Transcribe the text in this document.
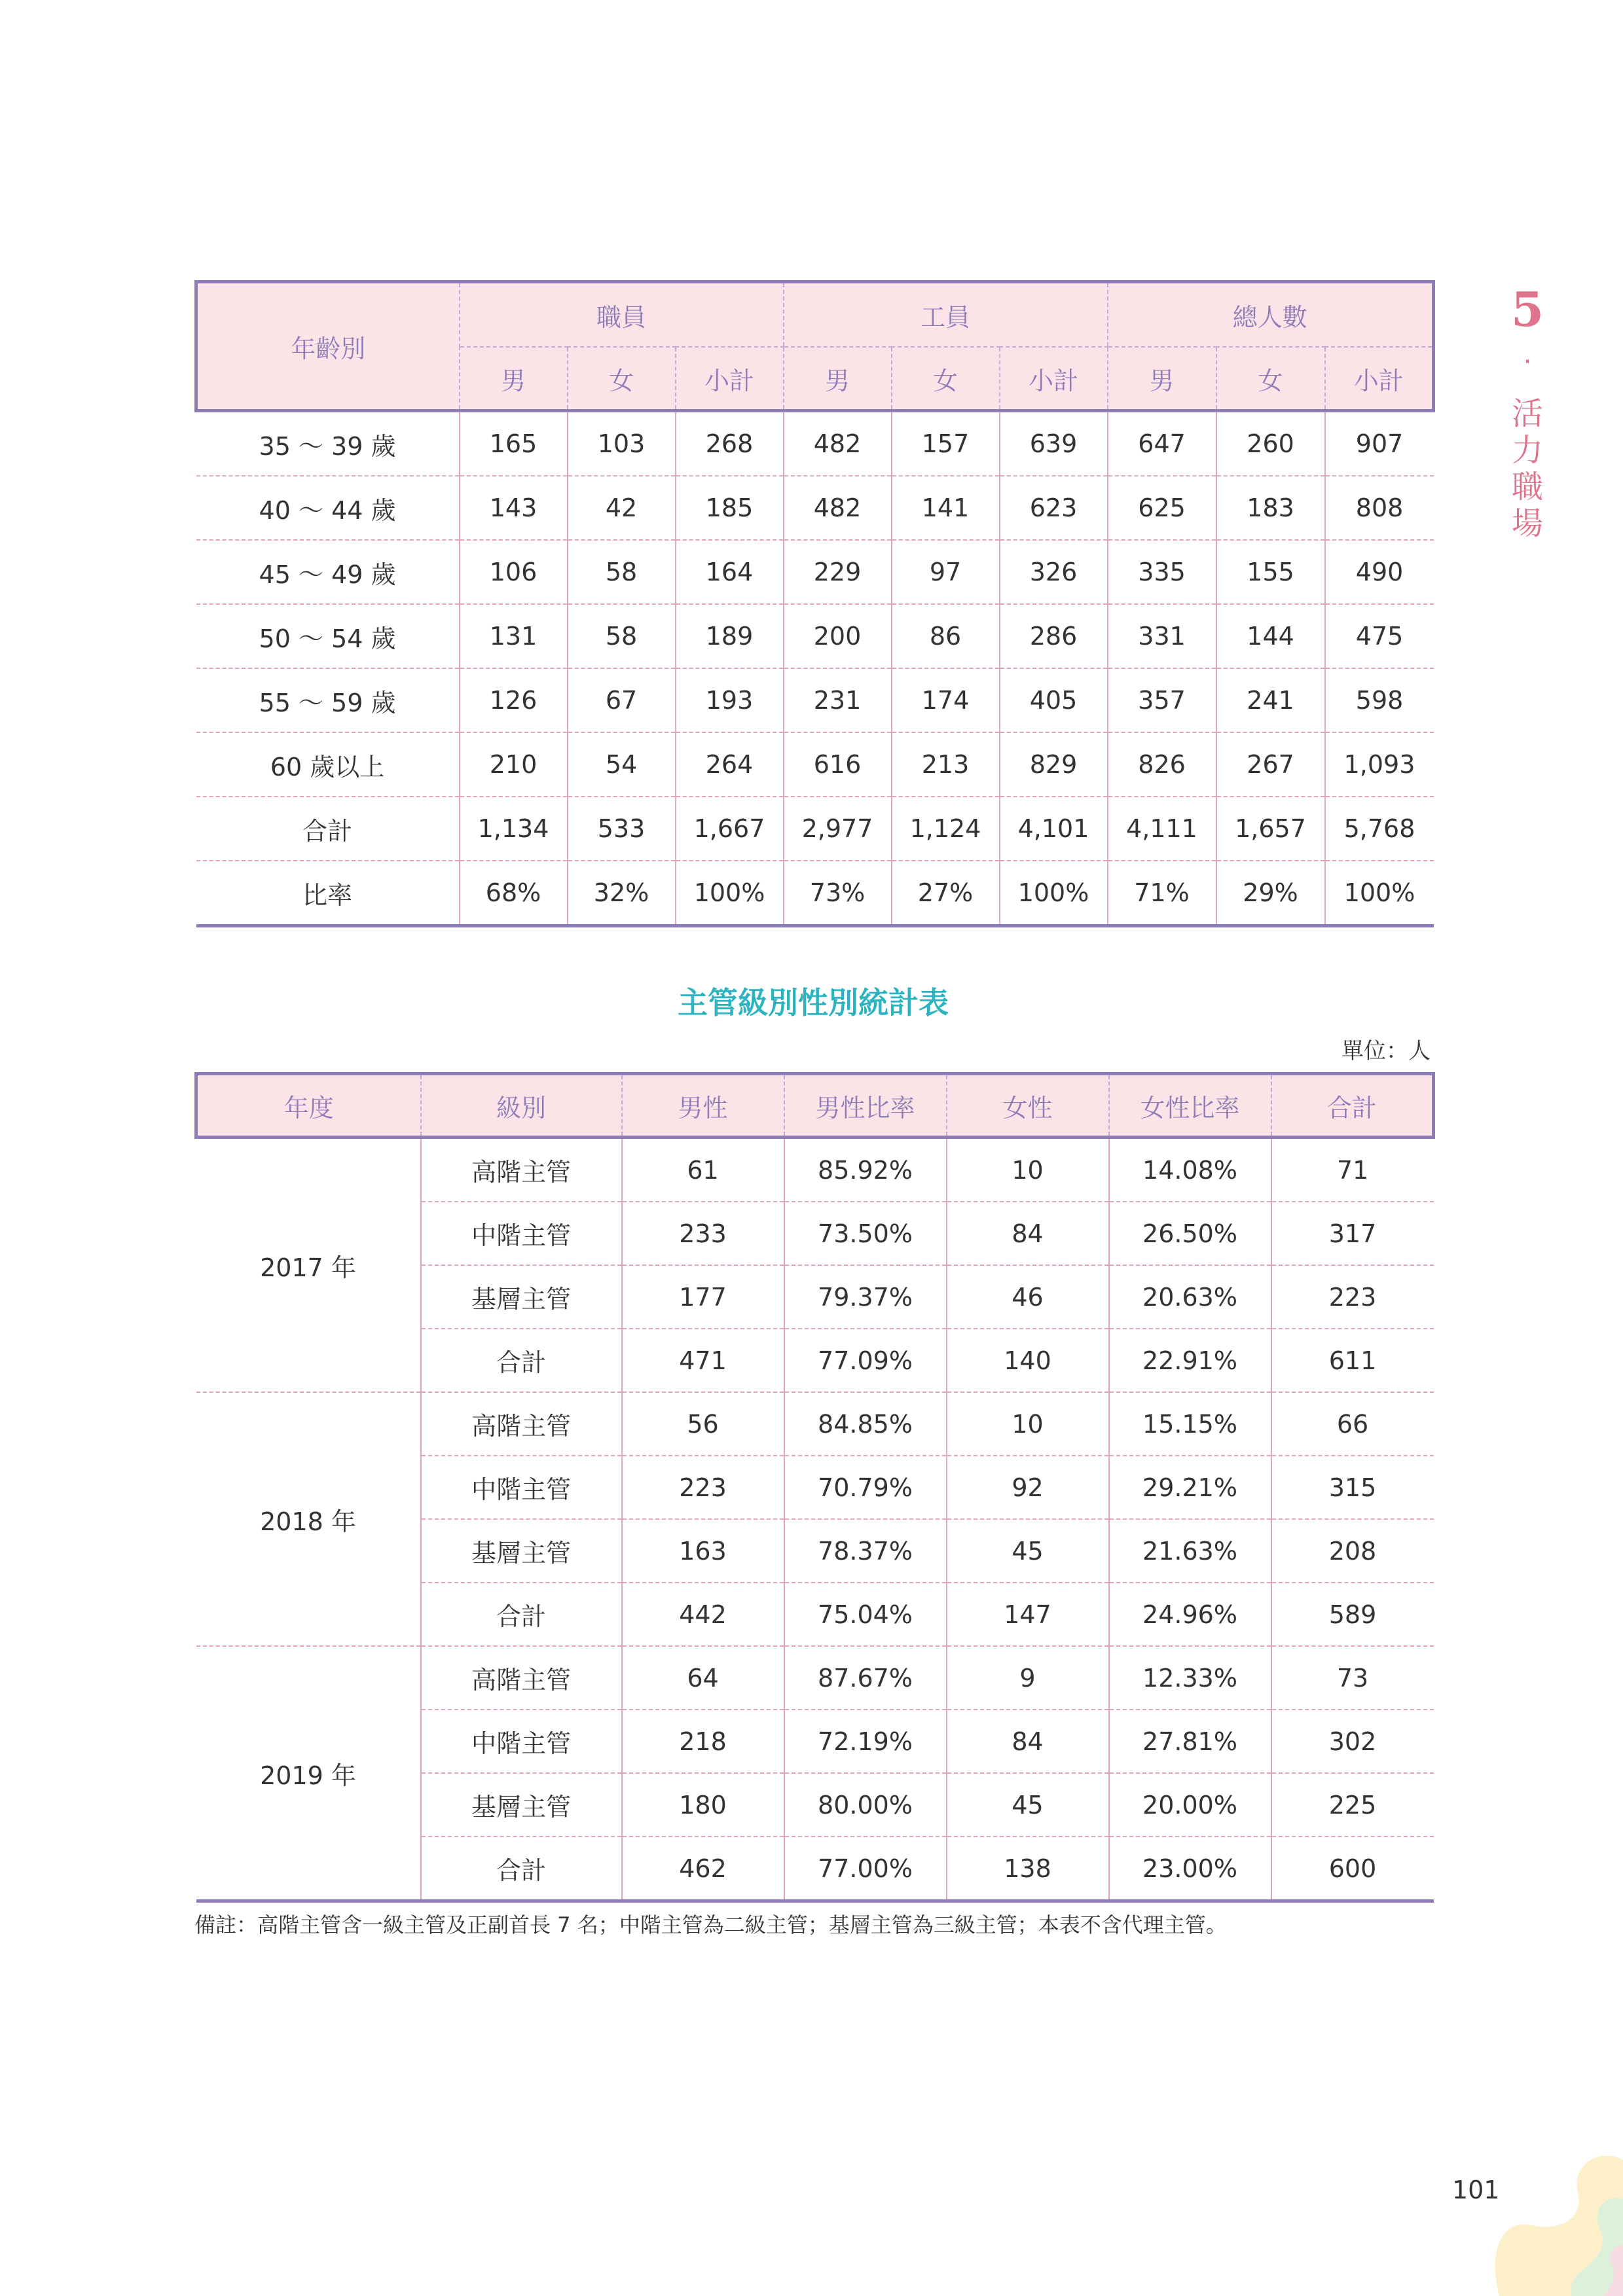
年齡別	職員			工員			總人數		
	男	女	小計	男	女	小計	男	女	小計
35 ～ 39 歲	165	103	268	482	157	639	647	260	907
40 ～ 44 歲	143	42	185	482	141	623	625	183	808
45 ～ 49 歲	106	58	164	229	97	326	335	155	490
50 ～ 54 歲	131	58	189	200	86	286	331	144	475
55 ～ 59 歲	126	67	193	231	174	405	357	241	598
60 歲以上	210	54	264	616	213	829	826	267	1,093
合計	1,134	533	1,667	2,977	1,124	4,101	4,111	1,657	5,768
比率	68%	32%	100%	73%	27%	100%	71%	29%	100%
主管級別性別統計表
單位：人
年度	級別	男性	男性比率	女性	女性比率	合計
2017 年	高階主管	61	85.92%	10	14.08%	71
	中階主管	233	73.50%	84	26.50%	317
	基層主管	177	79.37%	46	20.63%	223
	合計	471	77.09%	140	22.91%	611
2018 年	高階主管	56	84.85%	10	15.15%	66
	中階主管	223	70.79%	92	29.21%	315
	基層主管	163	78.37%	45	21.63%	208
	合計	442	75.04%	147	24.96%	589
2019 年	高階主管	64	87.67%	9	12.33%	73
	中階主管	218	72.19%	84	27.81%	302
	基層主管	180	80.00%	45	20.00%	225
	合計	462	77.00%	138	23.00%	600
備註：高階主管含一級主管及正副首長 7 名；中階主管為二級主管；基層主管為三級主管；本表不含代理主管。
5
·
活力職場
101
